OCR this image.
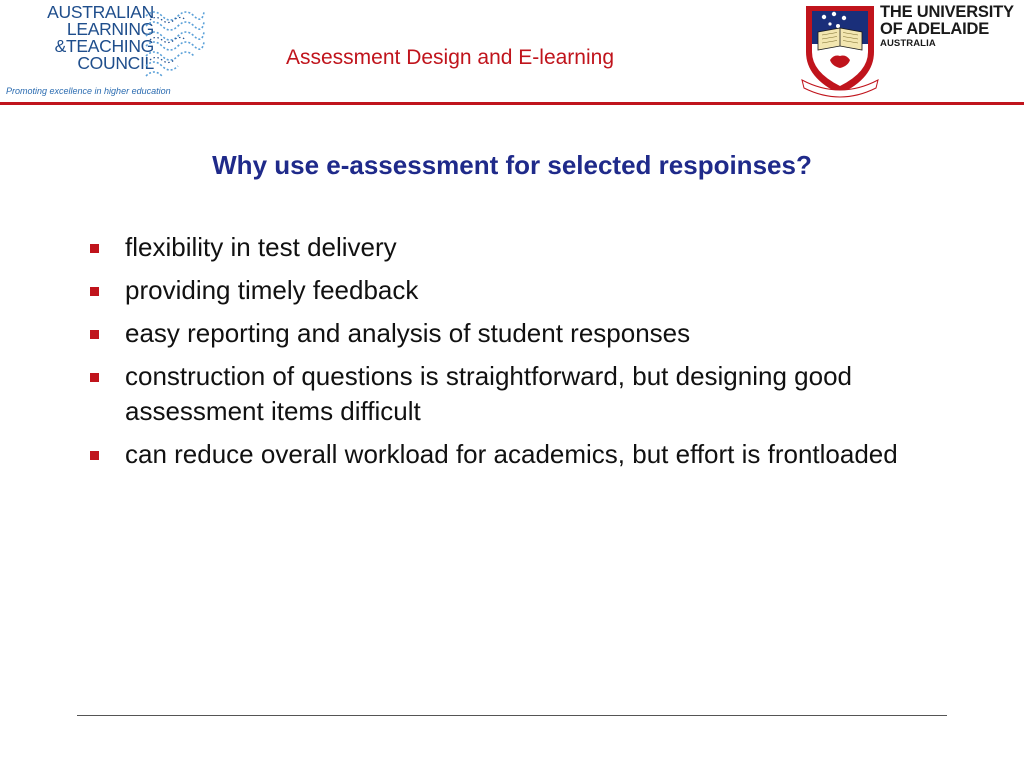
AUSTRALIAN
LEARNING
&TEACHING
COUNCIL
Promoting excellence in higher education
Assessment Design and E-learning
THE UNIVERSITY
OF ADELAIDE
AUSTRALIA
Why use e-assessment for selected respoinses?
flexibility in test delivery
providing timely feedback
easy reporting and analysis of student responses
construction of questions is straightforward, but designing good assessment items difficult
can reduce overall workload for academics, but effort is frontloaded
